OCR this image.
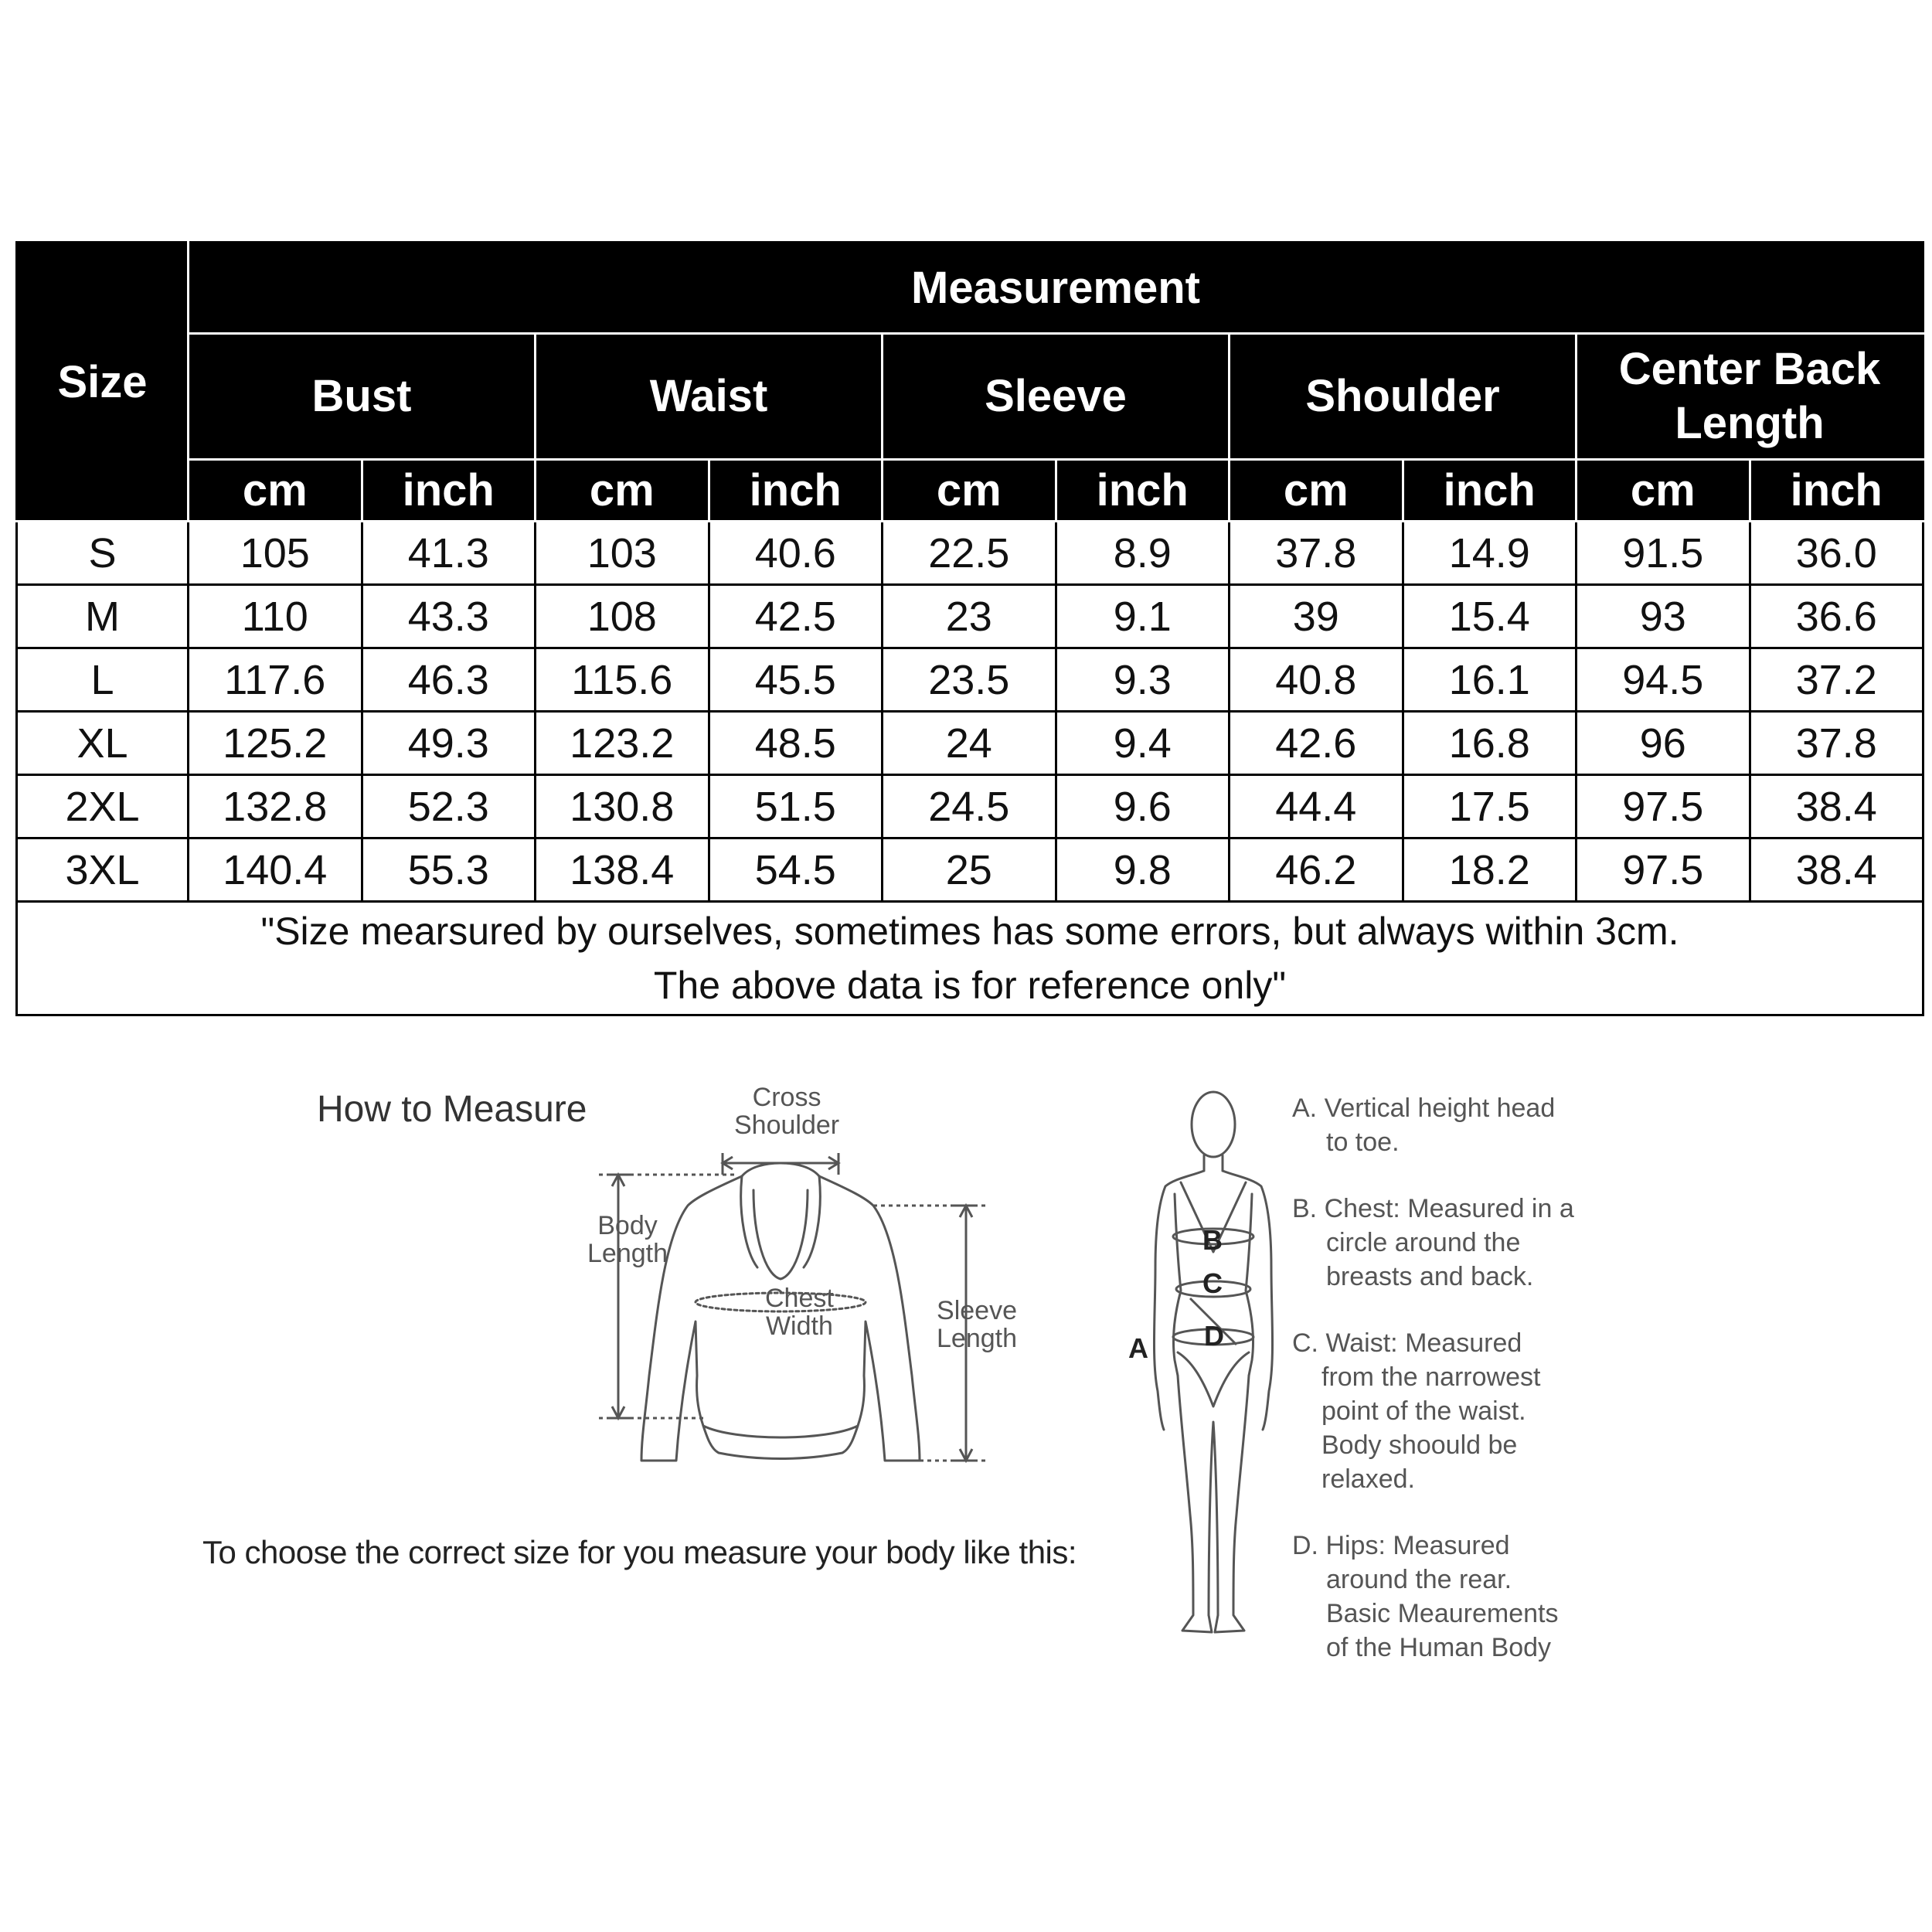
Size	Measurement									
	Bust		Waist		Sleeve		Shoulder		Center Back Length	
	cm	inch	cm	inch	cm	inch	cm	inch	cm	inch
S	105	41.3	103	40.6	22.5	8.9	37.8	14.9	91.5	36.0
M	110	43.3	108	42.5	23	9.1	39	15.4	93	36.6
L	117.6	46.3	115.6	45.5	23.5	9.3	40.8	16.1	94.5	37.2
XL	125.2	49.3	123.2	48.5	24	9.4	42.6	16.8	96	37.8
2XL	132.8	52.3	130.8	51.5	24.5	9.6	44.4	17.5	97.5	38.4
3XL	140.4	55.3	138.4	54.5	25	9.8	46.2	18.2	97.5	38.4

"Size mearsured by ourselves, sometimes has some errors, but always within 3cm.
The above data is for reference only"										
How to Measure	Cross
Shoulder
Body
Length
Chest
Width
Sleeve
Length
To choose the correct size for you measure your body like this:
B
C
D
A
A. Vertical height head
to toe.
B. Chest: Measured in a
circle around the
breasts and back.
C. Waist: Measured
from the narrowest
point of the waist.
Body shoould be
relaxed.
D. Hips: Measured
around the rear.
Basic Meaurements
of the Human Body
